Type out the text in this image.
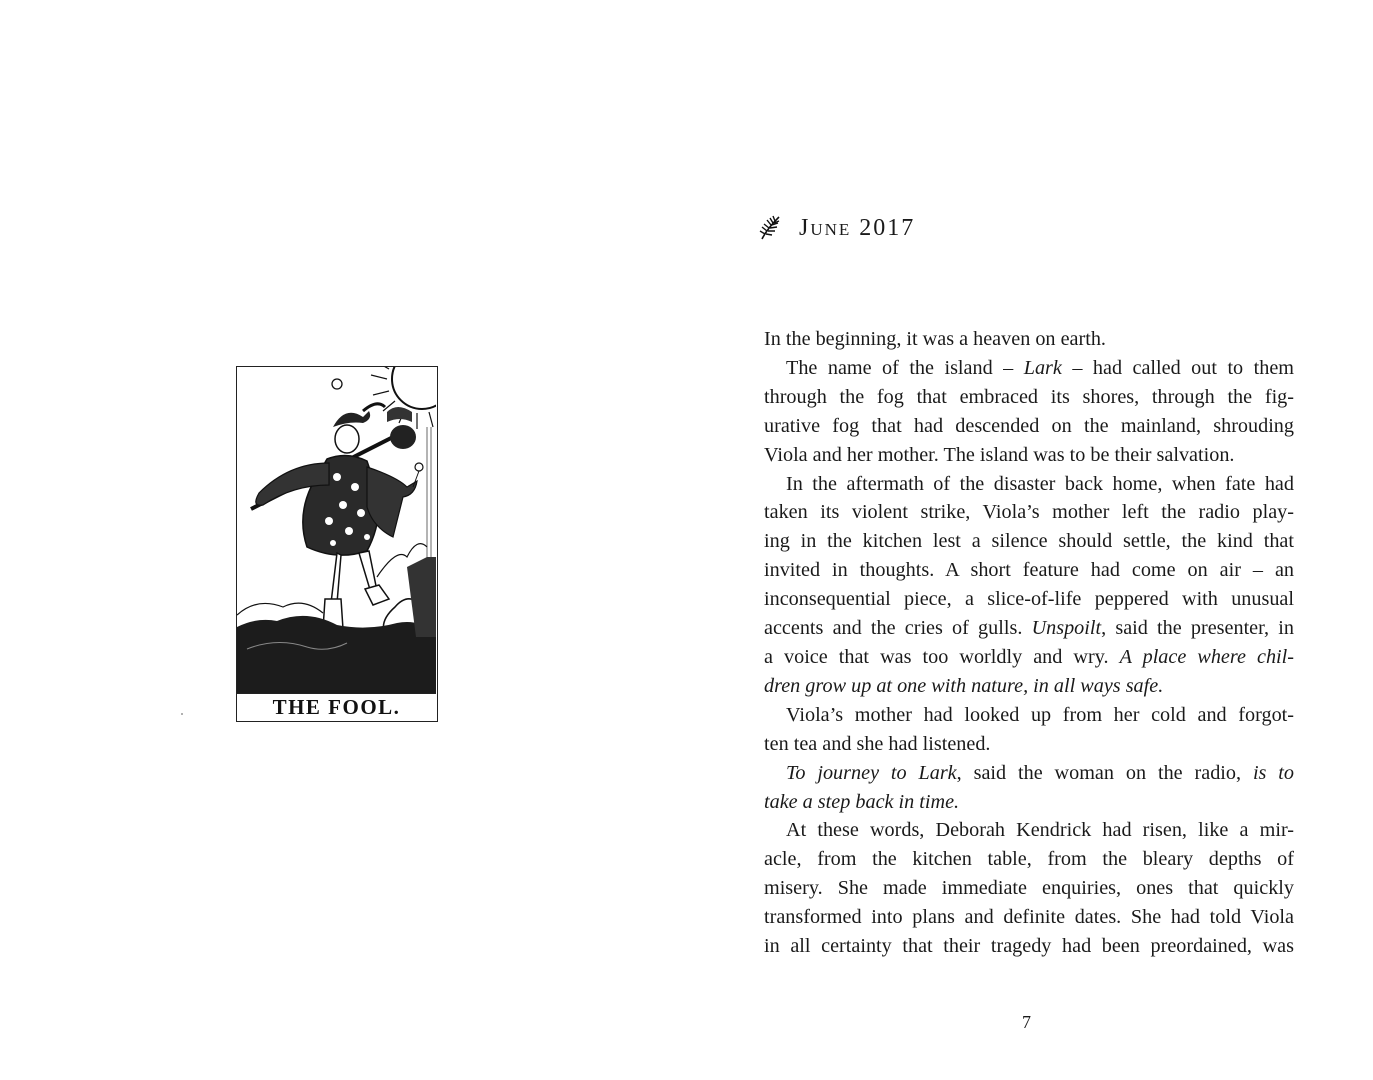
THE FOOL.
June 2017
In the beginning, it was a heaven on earth.
The name of the island – Lark – had called out to them
through the fog that embraced its shores, through the fig-
urative fog that had descended on the mainland, shrouding
Viola and her mother. The island was to be their salvation.
In the aftermath of the disaster back home, when fate had
taken its violent strike, Viola’s mother left the radio play-
ing in the kitchen lest a silence should settle, the kind that
invited in thoughts. A short feature had come on air – an
inconsequential piece, a slice-of-life peppered with unusual
accents and the cries of gulls. Unspoilt, said the presenter, in
a voice that was too worldly and wry. A place where chil-
dren grow up at one with nature, in all ways safe.
Viola’s mother had looked up from her cold and forgot-
ten tea and she had listened.
To journey to Lark, said the woman on the radio, is to
take a step back in time.
At these words, Deborah Kendrick had risen, like a mir-
acle, from the kitchen table, from the bleary depths of
misery. She made immediate enquiries, ones that quickly
transformed into plans and definite dates. She had told Viola
in all certainty that their tragedy had been preordained, was
7
